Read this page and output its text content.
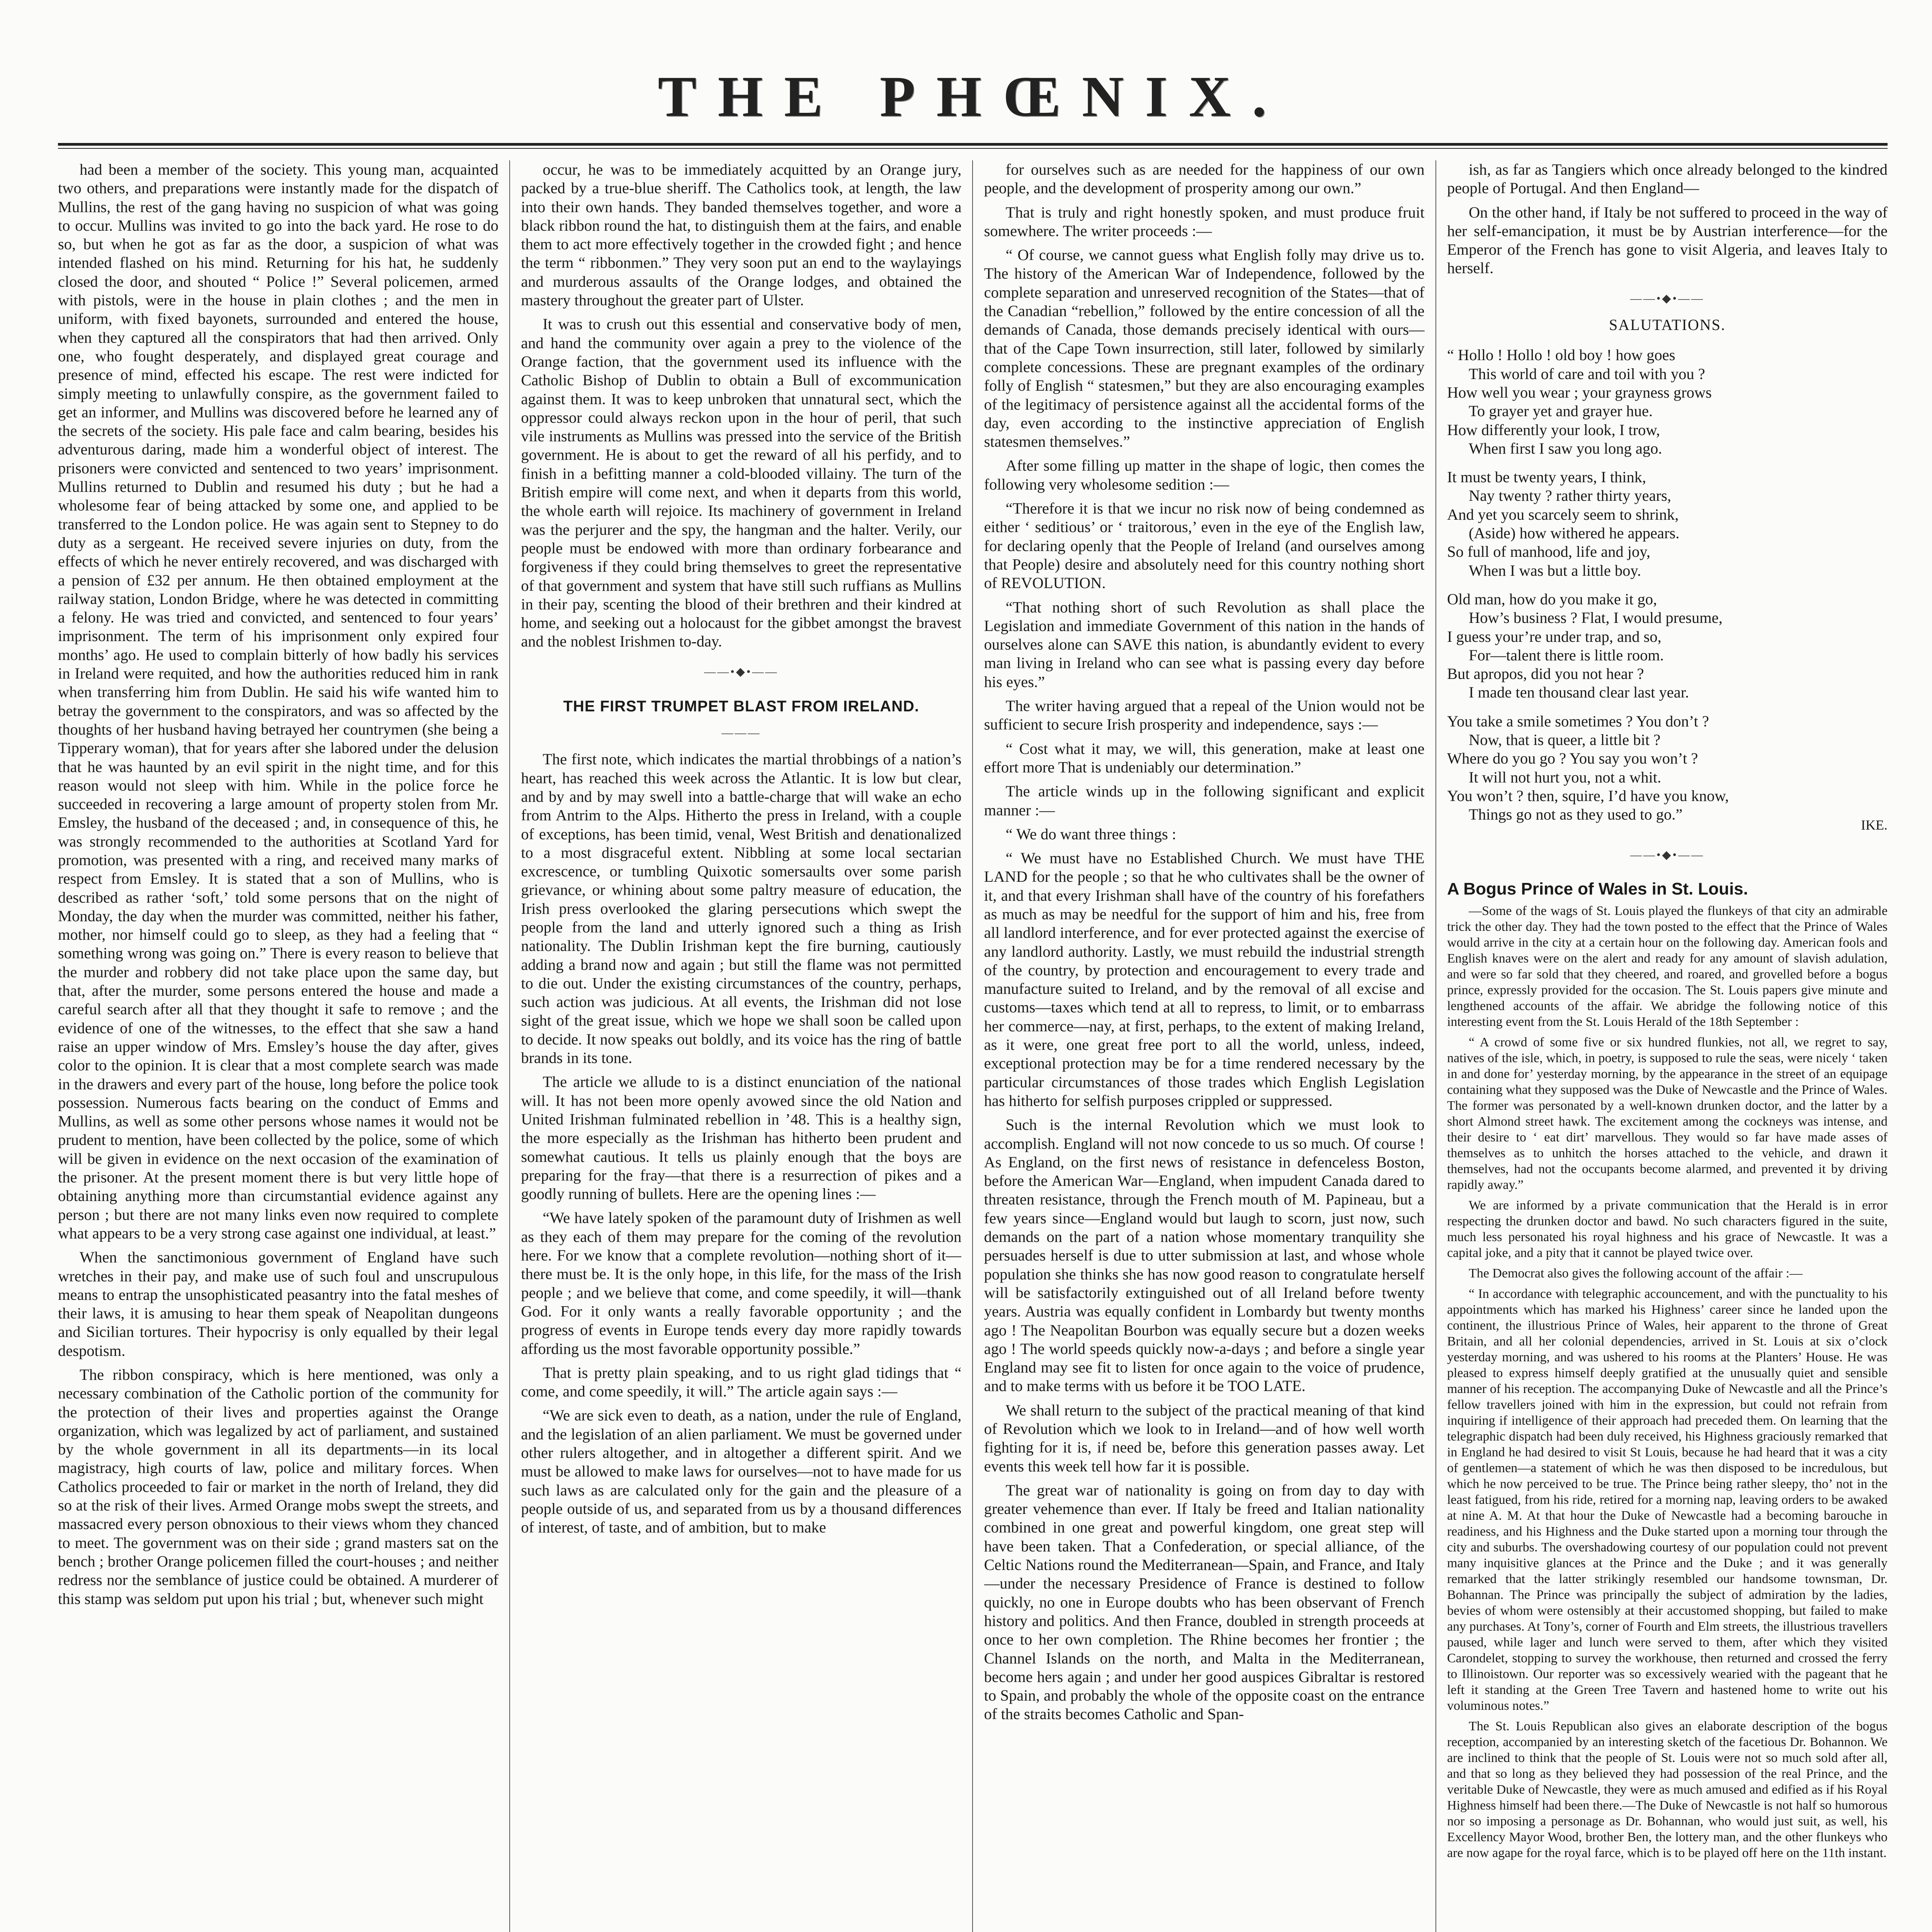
THE PHŒNIX.

had been a member of the society. This young man, acquainted two others, and preparations were instantly made for the dispatch of Mullins, the rest of the gang having no suspicion of what was going to occur. Mullins was invited to go into the back yard. He rose to do so, but when he got as far as the door, a suspicion of what was intended flashed on his mind. Returning for his hat, he suddenly closed the door, and shouted “ Police !” Several policemen, armed with pistols, were in the house in plain clothes ; and the men in uniform, with fixed bayonets, surrounded and entered the house, when they captured all the conspirators that had then arrived. Only one, who fought desperately, and displayed great courage and presence of mind, effected his escape. The rest were indicted for simply meeting to unlawfully conspire, as the government failed to get an informer, and Mullins was discovered before he learned any of the secrets of the society. His pale face and calm bearing, besides his adventurous daring, made him a wonderful object of interest. The prisoners were convicted and sentenced to two years’ imprisonment. Mullins returned to Dublin and resumed his duty ; but he had a wholesome fear of being attacked by some one, and applied to be transferred to the London police. He was again sent to Stepney to do duty as a sergeant. He received severe injuries on duty, from the effects of which he never entirely recovered, and was discharged with a pension of £32 per annum. He then obtained employment at the railway station, London Bridge, where he was detected in committing a felony. He was tried and convicted, and sentenced to four years’ imprisonment. The term of his imprisonment only expired four months’ ago. He used to complain bitterly of how badly his services in Ireland were requited, and how the authorities reduced him in rank when transferring him from Dublin. He said his wife wanted him to betray the government to the conspirators, and was so affected by the thoughts of her husband having betrayed her countrymen (she being a Tipperary woman), that for years after she labored under the delusion that he was haunted by an evil spirit in the night time, and for this reason would not sleep with him. While in the police force he succeeded in recovering a large amount of property stolen from Mr. Emsley, the husband of the deceased ; and, in consequence of this, he was strongly recommended to the authorities at Scotland Yard for promotion, was presented with a ring, and received many marks of respect from Emsley. It is stated that a son of Mullins, who is described as rather ‘soft,’ told some persons that on the night of Monday, the day when the murder was committed, neither his father, mother, nor himself could go to sleep, as they had a feeling that “ something wrong was going on.” There is every reason to believe that the murder and robbery did not take place upon the same day, but that, after the murder, some persons entered the house and made a careful search after all that they thought it safe to remove ; and the evidence of one of the witnesses, to the effect that she saw a hand raise an upper window of Mrs. Emsley’s house the day after, gives color to the opinion. It is clear that a most complete search was made in the drawers and every part of the house, long before the police took possession. Numerous facts bearing on the conduct of Emms and Mullins, as well as some other persons whose names it would not be prudent to mention, have been collected by the police, some of which will be given in evidence on the next occasion of the examination of the prisoner. At the present moment there is but very little hope of obtaining anything more than circumstantial evidence against any person ; but there are not many links even now required to complete what appears to be a very strong case against one individual, at least.”

When the sanctimonious government of England have such wretches in their pay, and make use of such foul and unscrupulous means to entrap the unsophisticated peasantry into the fatal meshes of their laws, it is amusing to hear them speak of Neapolitan dungeons and Sicilian tortures. Their hypocrisy is only equalled by their legal despotism.

The ribbon conspiracy, which is here mentioned, was only a necessary combination of the Catholic portion of the community for the protection of their lives and properties against the Orange organization, which was legalized by act of parliament, and sustained by the whole government in all its departments—in its local magistracy, high courts of law, police and military forces. When Catholics proceeded to fair or market in the north of Ireland, they did so at the risk of their lives. Armed Orange mobs swept the streets, and massacred every person obnoxious to their views whom they chanced to meet. The government was on their side ; grand masters sat on the bench ; brother Orange policemen filled the court-houses ; and neither redress nor the semblance of justice could be obtained. A murderer of this stamp was seldom put upon his trial ; but, whenever such might

occur, he was to be immediately acquitted by an Orange jury, packed by a true-blue sheriff. The Catholics took, at length, the law into their own hands. They banded themselves together, and wore a black ribbon round the hat, to distinguish them at the fairs, and enable them to act more effectively together in the crowded fight ; and hence the term “ ribbonmen.” They very soon put an end to the waylayings and murderous assaults of the Orange lodges, and obtained the mastery throughout the greater part of Ulster.

It was to crush out this essential and conservative body of men, and hand the community over again a prey to the violence of the Orange faction, that the government used its influence with the Catholic Bishop of Dublin to obtain a Bull of excommunication against them. It was to keep unbroken that unnatural sect, which the oppressor could always reckon upon in the hour of peril, that such vile instruments as Mullins was pressed into the service of the British government. He is about to get the reward of all his perfidy, and to finish in a befitting manner a cold-blooded villainy. The turn of the British empire will come next, and when it departs from this world, the whole earth will rejoice. Its machinery of government in Ireland was the perjurer and the spy, the hangman and the halter. Verily, our people must be endowed with more than ordinary forbearance and forgiveness if they could bring themselves to greet the representative of that government and system that have still such ruffians as Mullins in their pay, scenting the blood of their brethren and their kindred at home, and seeking out a holocaust for the gibbet amongst the bravest and the noblest Irishmen to-day.

——•◆•——
THE FIRST TRUMPET BLAST FROM IRELAND.
———

The first note, which indicates the martial throbbings of a nation’s heart, has reached this week across the Atlantic. It is low but clear, and by and by may swell into a battle-charge that will wake an echo from Antrim to the Alps. Hitherto the press in Ireland, with a couple of exceptions, has been timid, venal, West British and denationalized to a most disgraceful extent. Nibbling at some local sectarian excrescence, or tumbling Quixotic somersaults over some parish grievance, or whining about some paltry measure of education, the Irish press overlooked the glaring persecutions which swept the people from the land and utterly ignored such a thing as Irish nationality. The Dublin Irishman kept the fire burning, cautiously adding a brand now and again ; but still the flame was not permitted to die out. Under the existing circumstances of the country, perhaps, such action was judicious. At all events, the Irishman did not lose sight of the great issue, which we hope we shall soon be called upon to decide. It now speaks out boldly, and its voice has the ring of battle brands in its tone.

The article we allude to is a distinct enunciation of the national will. It has not been more openly avowed since the old Nation and United Irishman fulminated rebellion in ’48. This is a healthy sign, the more especially as the Irishman has hitherto been prudent and somewhat cautious. It tells us plainly enough that the boys are preparing for the fray—that there is a resurrection of pikes and a goodly running of bullets. Here are the opening lines :—

“We have lately spoken of the paramount duty of Irishmen as well as they each of them may prepare for the coming of the revolution here. For we know that a complete revolution—nothing short of it—there must be. It is the only hope, in this life, for the mass of the Irish people ; and we believe that come, and come speedily, it will—thank God. For it only wants a really favorable opportunity ; and the progress of events in Europe tends every day more rapidly towards affording us the most favorable opportunity possible.”

That is pretty plain speaking, and to us right glad tidings that “ come, and come speedily, it will.” The article again says :—

“We are sick even to death, as a nation, under the rule of England, and the legislation of an alien parliament. We must be governed under other rulers altogether, and in altogether a different spirit. And we must be allowed to make laws for ourselves—not to have made for us such laws as are calculated only for the gain and the pleasure of a people outside of us, and separated from us by a thousand differences of interest, of taste, and of ambition, but to make

for ourselves such as are needed for the happiness of our own people, and the development of prosperity among our own.”

That is truly and right honestly spoken, and must produce fruit somewhere. The writer proceeds :—

“ Of course, we cannot guess what English folly may drive us to. The history of the American War of Independence, followed by the complete separation and unreserved recognition of the States—that of the Canadian “rebellion,” followed by the entire concession of all the demands of Canada, those demands precisely identical with ours—that of the Cape Town insurrection, still later, followed by similarly complete concessions. These are pregnant examples of the ordinary folly of English “ statesmen,” but they are also encouraging examples of the legitimacy of persistence against all the accidental forms of the day, even according to the instinctive appreciation of English statesmen themselves.”

After some filling up matter in the shape of logic, then comes the following very wholesome sedition :—

“Therefore it is that we incur no risk now of being condemned as either ‘ seditious’ or ‘ traitorous,’ even in the eye of the English law, for declaring openly that the People of Ireland (and ourselves among that People) desire and absolutely need for this country nothing short of REVOLUTION.

“That nothing short of such Revolution as shall place the Legislation and immediate Government of this nation in the hands of ourselves alone can SAVE this nation, is abundantly evident to every man living in Ireland who can see what is passing every day before his eyes.”

The writer having argued that a repeal of the Union would not be sufficient to secure Irish prosperity and independence, says :—

“ Cost what it may, we will, this generation, make at least one effort more That is undeniably our determination.”

The article winds up in the following significant and explicit manner :—

“ We do want three things :

“ We must have no Established Church. We must have THE LAND for the people ; so that he who cultivates shall be the owner of it, and that every Irishman shall have of the country of his forefathers as much as may be needful for the support of him and his, free from all landlord interference, and for ever protected against the exercise of any landlord authority. Lastly, we must rebuild the industrial strength of the country, by protection and encouragement to every trade and manufacture suited to Ireland, and by the removal of all excise and customs—taxes which tend at all to repress, to limit, or to embarrass her commerce—nay, at first, perhaps, to the extent of making Ireland, as it were, one great free port to all the world, unless, indeed, exceptional protection may be for a time rendered necessary by the particular circumstances of those trades which English Legislation has hitherto for selfish purposes crippled or suppressed.

Such is the internal Revolution which we must look to accomplish. England will not now concede to us so much. Of course ! As England, on the first news of resistance in defenceless Boston, before the American War—England, when impudent Canada dared to threaten resistance, through the French mouth of M. Papineau, but a few years since—England would but laugh to scorn, just now, such demands on the part of a nation whose momentary tranquility she persuades herself is due to utter submission at last, and whose whole population she thinks she has now good reason to congratulate herself will be satisfactorily extinguished out of all Ireland before twenty years. Austria was equally confident in Lombardy but twenty months ago ! The Neapolitan Bourbon was equally secure but a dozen weeks ago ! The world speeds quickly now-a-days ; and before a single year England may see fit to listen for once again to the voice of prudence, and to make terms with us before it be TOO LATE.

We shall return to the subject of the practical meaning of that kind of Revolution which we look to in Ireland—and of how well worth fighting for it is, if need be, before this generation passes away. Let events this week tell how far it is possible.

The great war of nationality is going on from day to day with greater vehemence than ever. If Italy be freed and Italian nationality combined in one great and powerful kingdom, one great step will have been taken. That a Confederation, or special alliance, of the Celtic Nations round the Mediterranean—Spain, and France, and Italy—under the necessary Presidence of France is destined to follow quickly, no one in Europe doubts who has been observant of French history and politics. And then France, doubled in strength proceeds at once to her own completion. The Rhine becomes her frontier ; the Channel Islands on the north, and Malta in the Mediterranean, become hers again ; and under her good auspices Gibraltar is restored to Spain, and probably the whole of the opposite coast on the entrance of the straits becomes Catholic and Span-

ish, as far as Tangiers which once already belonged to the kindred people of Portugal. And then England—

On the other hand, if Italy be not suffered to proceed in the way of her self-emancipation, it must be by Austrian interference—for the Emperor of the French has gone to visit Algeria, and leaves Italy to herself.

——•◆•——
SALUTATIONS.

“ Hollo ! Hollo ! old boy ! how goes

This world of care and toil with you ?

How well you wear ; your grayness grows

To grayer yet and grayer hue.

How differently your look, I trow,

When first I saw you long ago.

It must be twenty years, I think,

Nay twenty ? rather thirty years,

And yet you scarcely seem to shrink,

(Aside) how withered he appears.

So full of manhood, life and joy,

When I was but a little boy.

Old man, how do you make it go,

How’s business ? Flat, I would presume,

I guess your’re under trap, and so,

For—talent there is little room.

But apropos, did you not hear ?

I made ten thousand clear last year.

You take a smile sometimes ? You don’t ?

Now, that is queer, a little bit ?

Where do you go ? You say you won’t ?

It will not hurt you, not a whit.

You won’t ? then, squire, I’d have you know,

Things go not as they used to go.”

IKE.
——•◆•——
A Bogus Prince of Wales in St. Louis.

—Some of the wags of St. Louis played the flunkeys of that city an admirable trick the other day. They had the town posted to the effect that the Prince of Wales would arrive in the city at a certain hour on the following day. American fools and English knaves were on the alert and ready for any amount of slavish adulation, and were so far sold that they cheered, and roared, and grovelled before a bogus prince, expressly provided for the occasion. The St. Louis papers give minute and lengthened accounts of the affair. We abridge the following notice of this interesting event from the St. Louis Herald of the 18th September :

“ A crowd of some five or six hundred flunkies, not all, we regret to say, natives of the isle, which, in poetry, is supposed to rule the seas, were nicely ‘ taken in and done for’ yesterday morning, by the appearance in the street of an equipage containing what they supposed was the Duke of Newcastle and the Prince of Wales. The former was personated by a well-known drunken doctor, and the latter by a short Almond street hawk. The excitement among the cockneys was intense, and their desire to ‘ eat dirt’ marvellous. They would so far have made asses of themselves as to unhitch the horses attached to the vehicle, and drawn it themselves, had not the occupants become alarmed, and prevented it by driving rapidly away.”

We are informed by a private communication that the Herald is in error respecting the drunken doctor and bawd. No such characters figured in the suite, much less personated his royal highness and his grace of Newcastle. It was a capital joke, and a pity that it cannot be played twice over.

The Democrat also gives the following account of the affair :—

“ In accordance with telegraphic accouncement, and with the punctuality to his appointments which has marked his Highness’ career since he landed upon the continent, the illustrious Prince of Wales, heir apparent to the throne of Great Britain, and all her colonial dependencies, arrived in St. Louis at six o’clock yesterday morning, and was ushered to his rooms at the Planters’ House. He was pleased to express himself deeply gratified at the unusually quiet and sensible manner of his reception. The accompanying Duke of Newcastle and all the Prince’s fellow travellers joined with him in the expression, but could not refrain from inquiring if intelligence of their approach had preceded them. On learning that the telegraphic dispatch had been duly received, his Highness graciously remarked that in England he had desired to visit St Louis, because he had heard that it was a city of gentlemen—a statement of which he was then disposed to be incredulous, but which he now perceived to be true. The Prince being rather sleepy, tho’ not in the least fatigued, from his ride, retired for a morning nap, leaving orders to be awaked at nine A. M. At that hour the Duke of Newcastle had a becoming barouche in readiness, and his Highness and the Duke started upon a morning tour through the city and suburbs. The overshadowing courtesy of our population could not prevent many inquisitive glances at the Prince and the Duke ; and it was generally remarked that the latter strikingly resembled our handsome townsman, Dr. Bohannan. The Prince was principally the subject of admiration by the ladies, bevies of whom were ostensibly at their accustomed shopping, but failed to make any purchases. At Tony’s, corner of Fourth and Elm streets, the illustrious travellers paused, while lager and lunch were served to them, after which they visited Carondelet, stopping to survey the workhouse, then returned and crossed the ferry to Illinoistown. Our reporter was so excessively wearied with the pageant that he left it standing at the Green Tree Tavern and hastened home to write out his voluminous notes.”

The St. Louis Republican also gives an elaborate description of the bogus reception, accompanied by an interesting sketch of the facetious Dr. Bohannon. We are inclined to think that the people of St. Louis were not so much sold after all, and that so long as they believed they had possession of the real Prince, and the veritable Duke of Newcastle, they were as much amused and edified as if his Royal Highness himself had been there.—The Duke of Newcastle is not half so humorous nor so imposing a personage as Dr. Bohannan, who would just suit, as well, his Excellency Mayor Wood, brother Ben, the lottery man, and the other flunkeys who are now agape for the royal farce, which is to be played off here on the 11th instant.
